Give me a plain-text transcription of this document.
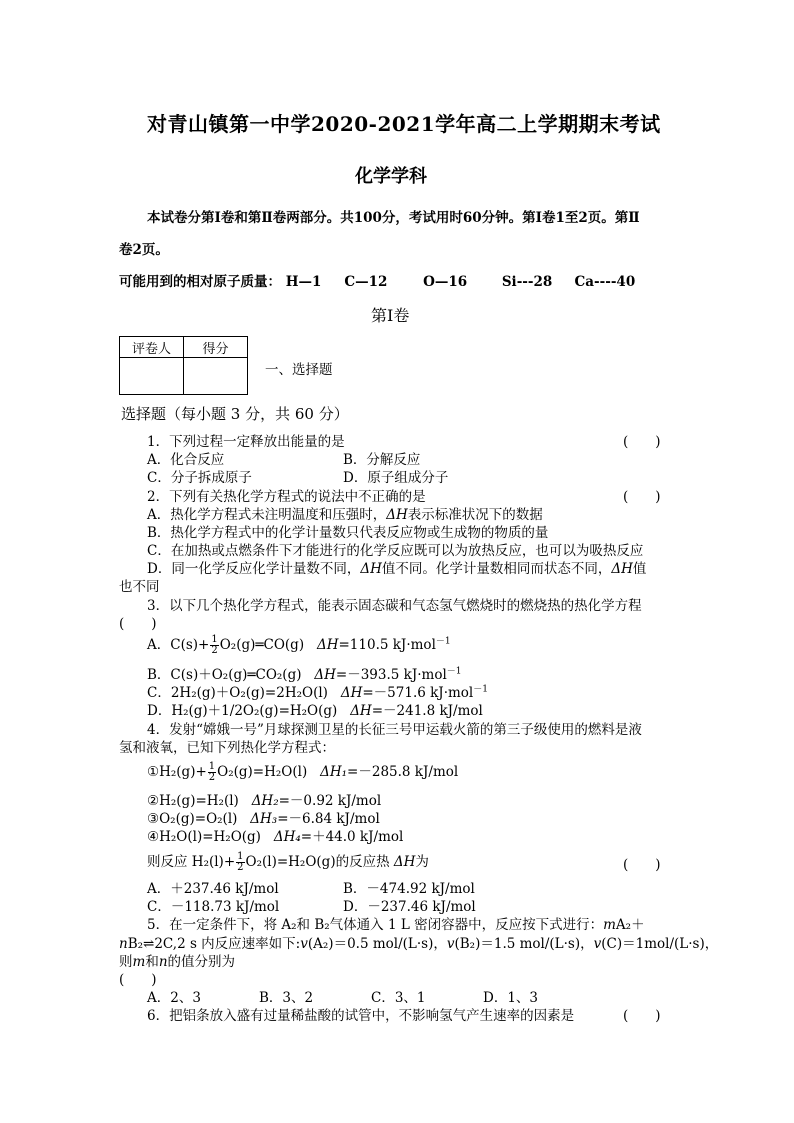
对青山镇第一中学2020-2021学年高二上学期期末考试
化学学科
本试卷分第Ⅰ卷和第Ⅱ卷两部分。共100分，考试用时60分钟。第Ⅰ卷1至2页。第Ⅱ
卷2页。
可能用到的相对原子质量： H—1 C—12	O—16	Si---28 Ca----40
第Ⅰ卷
评卷人	得分

一、选择题
选择题（每小题 3 分，共 60 分）
1．下列过程一定释放出能量的是	(　　)
A．化合反应	B．分解反应
C．分子拆成原子	D．原子组成分子
2．下列有关热化学方程式的说法中不正确的是	(　　)
A．热化学方程式未注明温度和压强时，ΔH表示标准状况下的数据
B．热化学方程式中的化学计量数只代表反应物或生成物的物质的量
C．在加热或点燃条件下才能进行的化学反应既可以为放热反应，也可以为吸热反应
D．同一化学反应化学计量数不同，ΔH值不同。化学计量数相同而状态不同，ΔH值
也不同
3．以下几个热化学方程式，能表示固态碳和气态氢气燃烧时的燃烧热的热化学方程
(　　)
A．$C(s)+ \frac{1}{2}$ O₂(g)═CO(g) ΔH=110.5 kJ·mol$^{-1}$
B．C(s)＋O₂(g)═CO₂(g) ΔH=－393.5 kJ·mol$^{-1}$
C．2H₂(g)＋O₂(g)=2H₂O(l) ΔH=－571.6 kJ·mol$^{-1}$
D．H₂(g)＋1/2O₂(g)=H₂O(g) ΔH=－241.8 kJ/mol
4．发射“嫦娥一号”月球探测卫星的长征三号甲运载火箭的第三子级使用的燃料是液
氢和液氧，已知下列热化学方程式：
①H₂(g)+ $\frac{1}{2} O_2(g)=H_2O(l)$ ΔH₁=－285.8 kJ/mol
②H₂(g)=H₂(l) ΔH₂=－0.92 kJ/mol
③O₂(g)=O₂(l) ΔH₃=－6.84 kJ/mol
④H₂O(l)=H₂O(g) ΔH₄=＋44.0 kJ/mol
则反应 $H_2(l)+ \frac{1}{2} O_2(l)=H_2O(g)$的反应热 ΔH为	(　　)
A．＋237.46 kJ/mol	B．－474.92 kJ/mol
C．－118.73 kJ/mol	D．－237.46 kJ/mol
5．在一定条件下，将 A₂和 B₂气体通入 1 L 密闭容器中，反应按下式进行：mA₂＋
nB₂⇌2C,2 s 内反应速率如下:v(A₂)＝0.5 mol/(L·s)，v(B₂)＝1.5 mol/(L·s)，v(C)＝1mol/(L·s)，
则m和n的值分别为
(　　)
A．2、3	B．3、2	C．3、1	D．1、3
6．把铝条放入盛有过量稀盐酸的试管中，不影响氢气产生速率的因素是	(　　)
